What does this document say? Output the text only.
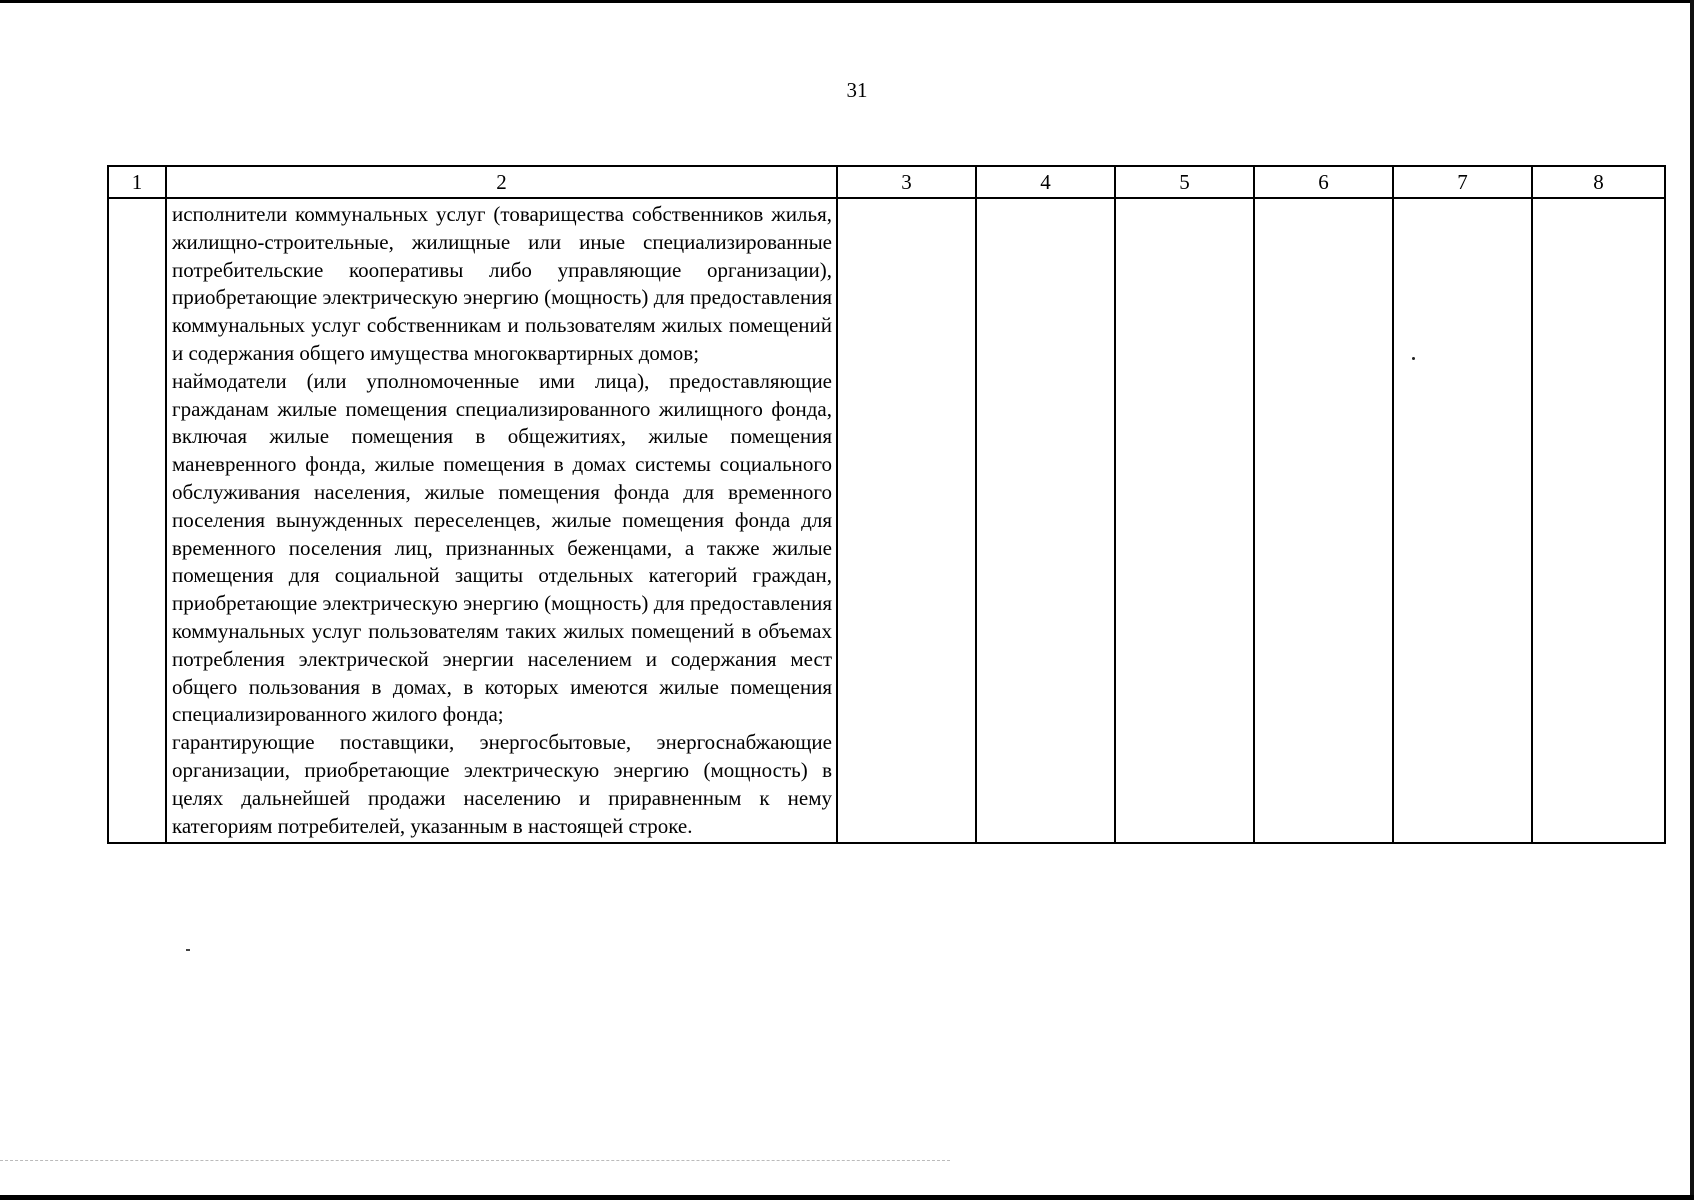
31
1	2	3	4	5	6	7	8

	исполнители коммунальных услуг (товарищества собственников жилья, жилищно-строительные, жилищные или иные специализированные потребительские кооперативы либо управляющие организации), приобретающие электрическую энергию (мощность) для предоставления коммунальных услуг собственникам и пользователям жилых помещений и содержания общего имущества многоквартирных домов;

наймодатели (или уполномоченные ими лица), предоставляющие гражданам жилые помещения специализированного жилищного фонда, включая жилые помещения в общежитиях, жилые помещения маневренного фонда, жилые помещения в домах системы социального обслуживания населения, жилые помещения фонда для временного поселения вынужденных переселенцев, жилые помещения фонда для временного поселения лиц, признанных беженцами, а также жилые помещения для социальной защиты отдельных категорий граждан, приобретающие электрическую энергию (мощность) для предоставления коммунальных услуг пользователям таких жилых помещений в объемах потребления электрической энергии населением и содержания мест общего пользования в домах, в которых имеются жилые помещения специализированного жилого фонда;

гарантирующие поставщики, энергосбытовые, энергоснабжающие организации, приобретающие электрическую энергию (мощность) в целях дальнейшей продажи населению и приравненным к нему категориям потребителей, указанным в настоящей строке.						
